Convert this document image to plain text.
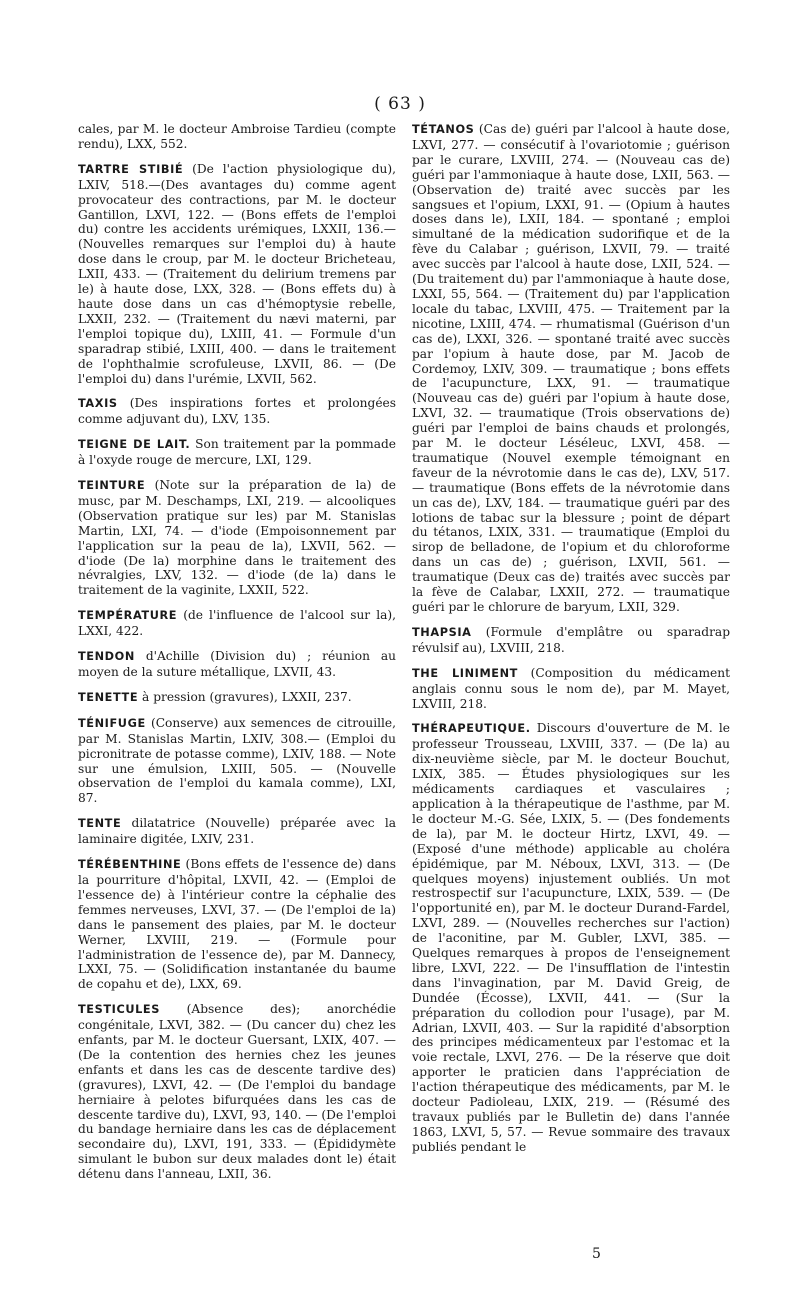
( 63 )

cales, par M. le docteur Ambroise Tardieu (compte rendu), LXX, 552.

TARTRE STIBIÉ (De l'action physiologique du), LXIV, 518.—(Des avantages du) comme agent provocateur des contractions, par M. le docteur Gantillon, LXVI, 122. — (Bons effets de l'emploi du) contre les accidents urémiques, LXXII, 136.—(Nouvelles remarques sur l'emploi du) à haute dose dans le croup, par M. le docteur Bricheteau, LXII, 433. — (Traitement du delirium tremens par le) à haute dose, LXX, 328. — (Bons effets du) à haute dose dans un cas d'hémoptysie rebelle, LXXII, 232. — (Traitement du nævi materni, par l'emploi topique du), LXIII, 41. — Formule d'un sparadrap stibié, LXIII, 400. — dans le traitement de l'ophthalmie scrofuleuse, LXVII, 86. — (De l'emploi du) dans l'urémie, LXVII, 562.

TAXIS (Des inspirations fortes et prolongées comme adjuvant du), LXV, 135.

TEIGNE DE LAIT. Son traitement par la pommade à l'oxyde rouge de mercure, LXI, 129.

TEINTURE (Note sur la préparation de la) de musc, par M. Deschamps, LXI, 219. — alcooliques (Observation pratique sur les) par M. Stanislas Martin, LXI, 74. — d'iode (Empoisonnement par l'application sur la peau de la), LXVII, 562. — d'iode (De la) morphine dans le traitement des névralgies, LXV, 132. — d'iode (de la) dans le traitement de la vaginite, LXXII, 522.

TEMPÉRATURE (de l'influence de l'alcool sur la), LXXI, 422.

TENDON d'Achille (Division du) ; réunion au moyen de la suture métallique, LXVII, 43.

TENETTE à pression (gravures), LXXII, 237.

TÉNIFUGE (Conserve) aux semences de citrouille, par M. Stanislas Martin, LXIV, 308.— (Emploi du picronitrate de potasse comme), LXIV, 188. — Note sur une émulsion, LXIII, 505. — (Nouvelle observation de l'emploi du kamala comme), LXI, 87.

TENTE dilatatrice (Nouvelle) préparée avec la laminaire digitée, LXIV, 231.

TÉRÉBENTHINE (Bons effets de l'essence de) dans la pourriture d'hôpital, LXVII, 42. — (Emploi de l'essence de) à l'intérieur contre la céphalie des femmes nerveuses, LXVI, 37. — (De l'emploi de la) dans le pansement des plaies, par M. le docteur Werner, LXVIII, 219. — (Formule pour l'administration de l'essence de), par M. Dannecy, LXXI, 75. — (Solidification instantanée du baume de copahu et de), LXX, 69.

TESTICULES (Absence des); anorchédie congénitale, LXVI, 382. — (Du cancer du) chez les enfants, par M. le docteur Guersant, LXIX, 407. — (De la contention des hernies chez les jeunes enfants et dans les cas de descente tardive des) (gravures), LXVI, 42. — (De l'emploi du bandage herniaire à pelotes bifurquées dans les cas de descente tardive du), LXVI, 93, 140. — (De l'emploi du bandage herniaire dans les cas de déplacement secondaire du), LXVI, 191, 333. — (Épididymète simulant le bubon sur deux malades dont le) était détenu dans l'anneau, LXII, 36.

TÉTANOS (Cas de) guéri par l'alcool à haute dose, LXVI, 277. — consécutif à l'ovariotomie ; guérison par le curare, LXVIII, 274. — (Nouveau cas de) guéri par l'ammoniaque à haute dose, LXII, 563. — (Observation de) traité avec succès par les sangsues et l'opium, LXXI, 91. — (Opium à hautes doses dans le), LXII, 184. — spontané ; emploi simultané de la médication sudorifique et de la fève du Calabar ; guérison, LXVII, 79. — traité avec succès par l'alcool à haute dose, LXII, 524. — (Du traitement du) par l'ammoniaque à haute dose, LXXI, 55, 564. — (Traitement du) par l'application locale du tabac, LXVIII, 475. — Traitement par la nicotine, LXIII, 474. — rhumatismal (Guérison d'un cas de), LXXI, 326. — spontané traité avec succès par l'opium à haute dose, par M. Jacob de Cordemoy, LXIV, 309. — traumatique ; bons effets de l'acupuncture, LXX, 91. — traumatique (Nouveau cas de) guéri par l'opium à haute dose, LXVI, 32. — traumatique (Trois observations de) guéri par l'emploi de bains chauds et prolongés, par M. le docteur Léséleuc, LXVI, 458. — traumatique (Nouvel exemple témoignant en faveur de la névrotomie dans le cas de), LXV, 517. — traumatique (Bons effets de la névrotomie dans un cas de), LXV, 184. — traumatique guéri par des lotions de tabac sur la blessure ; point de départ du tétanos, LXIX, 331. — traumatique (Emploi du sirop de belladone, de l'opium et du chloroforme dans un cas de) ; guérison, LXVII, 561. — traumatique (Deux cas de) traités avec succès par la fève de Calabar, LXXII, 272. — traumatique guéri par le chlorure de baryum, LXII, 329.

THAPSIA (Formule d'emplâtre ou sparadrap révulsif au), LXVIII, 218.

THE LINIMENT (Composition du médicament anglais connu sous le nom de), par M. Mayet, LXVIII, 218.

THÉRAPEUTIQUE. Discours d'ouverture de M. le professeur Trousseau, LXVIII, 337. — (De la) au dix-neuvième siècle, par M. le docteur Bouchut, LXIX, 385. — Études physiologiques sur les médicaments cardiaques et vasculaires ; application à la thérapeutique de l'asthme, par M. le docteur M.-G. Sée, LXIX, 5. — (Des fondements de la), par M. le docteur Hirtz, LXVI, 49. — (Exposé d'une méthode) applicable au choléra épidémique, par M. Néboux, LXVI, 313. — (De quelques moyens) injustement oubliés. Un mot restrospectif sur l'acupuncture, LXIX, 539. — (De l'opportunité en), par M. le docteur Durand-Fardel, LXVI, 289. — (Nouvelles recherches sur l'action) de l'aconitine, par M. Gubler, LXVI, 385. — Quelques remarques à propos de l'enseignement libre, LXVI, 222. — De l'insufflation de l'intestin dans l'invagination, par M. David Greig, de Dundée (Écosse), LXVII, 441. — (Sur la préparation du collodion pour l'usage), par M. Adrian, LXVII, 403. — Sur la rapidité d'absorption des principes médicamenteux par l'estomac et la voie rectale, LXVI, 276. — De la réserve que doit apporter le praticien dans l'appréciation de l'action thérapeutique des médicaments, par M. le docteur Padioleau, LXIX, 219. — (Résumé des travaux publiés par le Bulletin de) dans l'année 1863, LXVI, 5, 57. — Revue sommaire des travaux publiés pendant le

5
